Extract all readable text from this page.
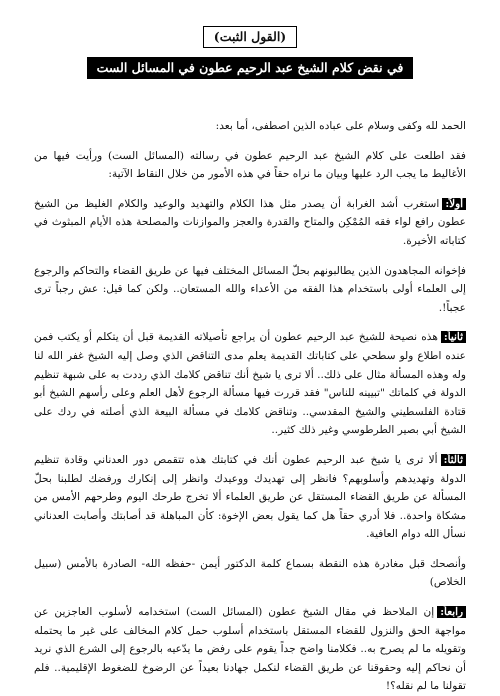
(القول الثبت)
في نقض كلام الشيخ عبد الرحيم عطون في المسائل الست

الحمد لله وكفى وسلام على عباده الذين اصطفى، أما بعد:

فقد اطلعت على كلام الشيخ عبد الرحيم عطون في رسالته (المسائل الست) ورأيت فيها من الأغاليط ما يجب الرد عليها وبيان ما نراه حقاً في هذه الأمور من خلال النقاط الآتية:

أولاً:استغرب أشد الغرابة أن يصدر مثل هذا الكلام والتهديد والوعيد والكلام الغليظ من الشيخ عطون رافع لواء فقه المُمْكِن والمتاح والقدرة والعجز والموازنات والمصلحة هذه الأيام المبثوث في كتاباته الأخيرة.

فإخوانه المجاهدون الذين يطالبونهم بحلّ المسائل المختلف فيها عن طريق القضاء والتحاكم والرجوع إلى العلماء أولى باستخدام هذا الفقه من الأعداء والله المستعان.. ولكن كما قيل: عش رجباً ترى عجباً!.

ثانياً:هذه نصيحة للشيخ عبد الرحيم عطون أن يراجع تأصيلاته القديمة قبل أن يتكلم أو يكتب فمن عنده اطلاع ولو سطحي على كتاباتك القديمة يعلم مدى التناقض الذي وصل إليه الشيخ غفر الله لنا وله وهذه المسألة مثال على ذلك.. ألا ترى يا شيخ أنك تناقض كلامك الذي رددت به على شبهة تنظيم الدولة في كلماتك "تبيينه للناس" فقد قررت فيها مسألة الرجوع لأهل العلم وعلى رأسهم الشيخ أبو قتادة الفلسطيني والشيخ المقدسي.. وتناقض كلامك في مسألة البيعة الذي أصلته في ردك على الشيخ أبي بصير الطرطوسي وغير ذلك كثير..

ثالثاً:ألا ترى يا شيخ عبد الرحيم عطون أنك في كتابتك هذه تتقمص دور العدناني وقادة تنظيم الدولة وتهديدهم وأسلوبهم؟ فانظر إلى تهديدك ووعيدك وانظر إلى إنكارك ورفضك لطلبنا بحلّ المسألة عن طريق القضاء المستقل عن طريق العلماء ألا تخرج طرحك اليوم وطرحهم الأمس من مشكاة واحدة.. فلا أدري حقاً هل كما يقول بعض الإخوة: كأن المباهلة قد أصابتك وأصابت العدناني نسأل الله دوام العافية.

وأنصحك قبل مغادرة هذه النقطة بسماع كلمة الدكتور أيمن -حفظه الله- الصادرة بالأمس (سبيل الخلاص)

رابعاً:إن الملاحظ في مقال الشيخ عطون (المسائل الست) استخدامه لأسلوب العاجزين عن مواجهة الحق والنزول للقضاء المستقل باستخدام أسلوب حمل كلام المخالف على غير ما يحتمله وتقويله ما لم يصرح به.. فكلامنا واضح جداً يقوم على رفض ما يدّعيه بالرجوع إلى الشرع الذي نريد أن نحاكم إليه وحقوقنا عن طريق القضاء لنكمل جهادنا بعيداً عن الرضوخ للضغوط الإقليمية.. فلم تقولنا ما لم نقله؟!
